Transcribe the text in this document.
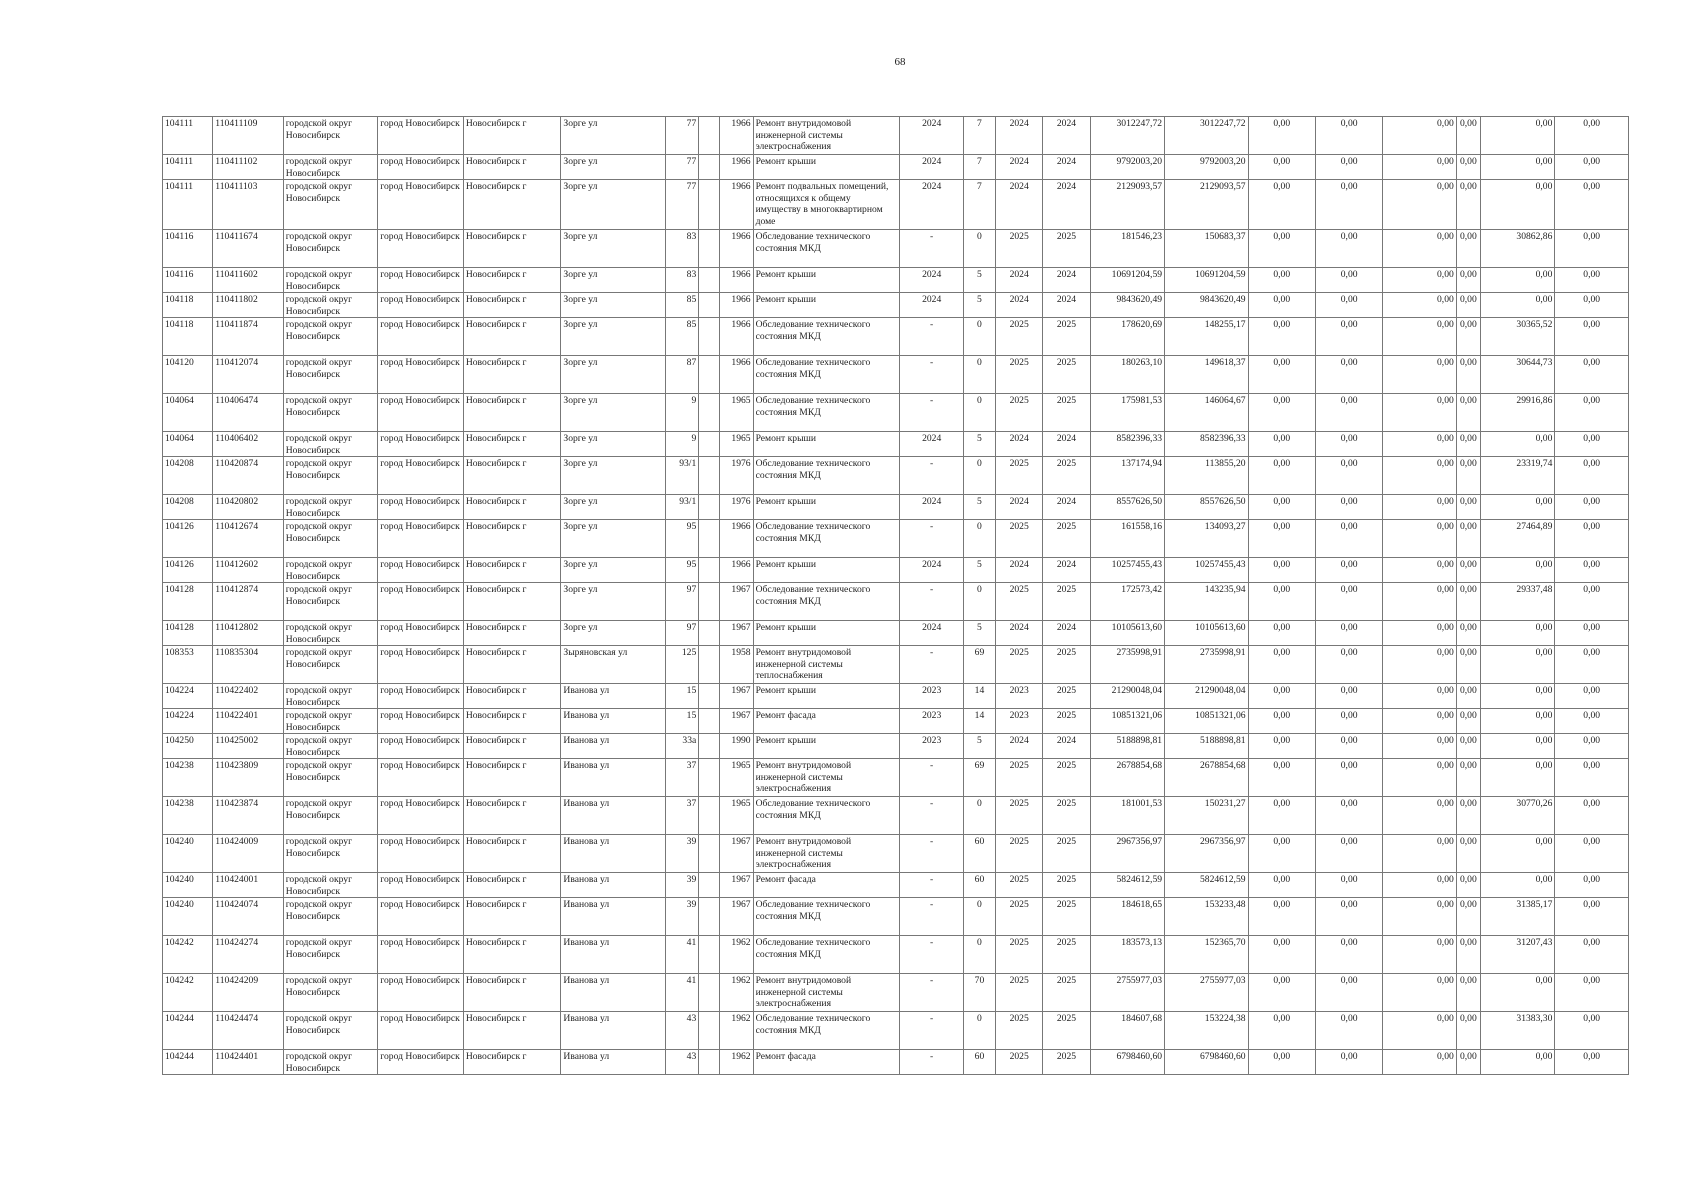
68
104111	110411109	городской округ Новосибирск	город Новосибирск	Новосибирск г	Зорге ул	77		1966	Ремонт внутридомовой инженерной системы электроснабжения	2024	7	2024	2024	3012247,72	3012247,72	0,00	0,00	0,00	0,00	0,00	0,00
104111	110411102	городской округ Новосибирск	город Новосибирск	Новосибирск г	Зорге ул	77		1966	Ремонт крыши	2024	7	2024	2024	9792003,20	9792003,20	0,00	0,00	0,00	0,00	0,00	0,00
104111	110411103	городской округ Новосибирск	город Новосибирск	Новосибирск г	Зорге ул	77		1966	Ремонт подвальных помещений, относящихся к общему имуществу в многоквартирном доме	2024	7	2024	2024	2129093,57	2129093,57	0,00	0,00	0,00	0,00	0,00	0,00
104116	110411674	городской округ Новосибирск	город Новосибирск	Новосибирск г	Зорге ул	83		1966	Обследование технического состояния МКД	-	0	2025	2025	181546,23	150683,37	0,00	0,00	0,00	0,00	30862,86	0,00
104116	110411602	городской округ Новосибирск	город Новосибирск	Новосибирск г	Зорге ул	83		1966	Ремонт крыши	2024	5	2024	2024	10691204,59	10691204,59	0,00	0,00	0,00	0,00	0,00	0,00
104118	110411802	городской округ Новосибирск	город Новосибирск	Новосибирск г	Зорге ул	85		1966	Ремонт крыши	2024	5	2024	2024	9843620,49	9843620,49	0,00	0,00	0,00	0,00	0,00	0,00
104118	110411874	городской округ Новосибирск	город Новосибирск	Новосибирск г	Зорге ул	85		1966	Обследование технического состояния МКД	-	0	2025	2025	178620,69	148255,17	0,00	0,00	0,00	0,00	30365,52	0,00
104120	110412074	городской округ Новосибирск	город Новосибирск	Новосибирск г	Зорге ул	87		1966	Обследование технического состояния МКД	-	0	2025	2025	180263,10	149618,37	0,00	0,00	0,00	0,00	30644,73	0,00
104064	110406474	городской округ Новосибирск	город Новосибирск	Новосибирск г	Зорге ул	9		1965	Обследование технического состояния МКД	-	0	2025	2025	175981,53	146064,67	0,00	0,00	0,00	0,00	29916,86	0,00
104064	110406402	городской округ Новосибирск	город Новосибирск	Новосибирск г	Зорге ул	9		1965	Ремонт крыши	2024	5	2024	2024	8582396,33	8582396,33	0,00	0,00	0,00	0,00	0,00	0,00
104208	110420874	городской округ Новосибирск	город Новосибирск	Новосибирск г	Зорге ул	93/1		1976	Обследование технического состояния МКД	-	0	2025	2025	137174,94	113855,20	0,00	0,00	0,00	0,00	23319,74	0,00
104208	110420802	городской округ Новосибирск	город Новосибирск	Новосибирск г	Зорге ул	93/1		1976	Ремонт крыши	2024	5	2024	2024	8557626,50	8557626,50	0,00	0,00	0,00	0,00	0,00	0,00
104126	110412674	городской округ Новосибирск	город Новосибирск	Новосибирск г	Зорге ул	95		1966	Обследование технического состояния МКД	-	0	2025	2025	161558,16	134093,27	0,00	0,00	0,00	0,00	27464,89	0,00
104126	110412602	городской округ Новосибирск	город Новосибирск	Новосибирск г	Зорге ул	95		1966	Ремонт крыши	2024	5	2024	2024	10257455,43	10257455,43	0,00	0,00	0,00	0,00	0,00	0,00
104128	110412874	городской округ Новосибирск	город Новосибирск	Новосибирск г	Зорге ул	97		1967	Обследование технического состояния МКД	-	0	2025	2025	172573,42	143235,94	0,00	0,00	0,00	0,00	29337,48	0,00
104128	110412802	городской округ Новосибирск	город Новосибирск	Новосибирск г	Зорге ул	97		1967	Ремонт крыши	2024	5	2024	2024	10105613,60	10105613,60	0,00	0,00	0,00	0,00	0,00	0,00
108353	110835304	городской округ Новосибирск	город Новосибирск	Новосибирск г	Зыряновская ул	125		1958	Ремонт внутридомовой инженерной системы теплоснабжения	-	69	2025	2025	2735998,91	2735998,91	0,00	0,00	0,00	0,00	0,00	0,00
104224	110422402	городской округ Новосибирск	город Новосибирск	Новосибирск г	Иванова ул	15		1967	Ремонт крыши	2023	14	2023	2025	21290048,04	21290048,04	0,00	0,00	0,00	0,00	0,00	0,00
104224	110422401	городской округ Новосибирск	город Новосибирск	Новосибирск г	Иванова ул	15		1967	Ремонт фасада	2023	14	2023	2025	10851321,06	10851321,06	0,00	0,00	0,00	0,00	0,00	0,00
104250	110425002	городской округ Новосибирск	город Новосибирск	Новосибирск г	Иванова ул	33а		1990	Ремонт крыши	2023	5	2024	2024	5188898,81	5188898,81	0,00	0,00	0,00	0,00	0,00	0,00
104238	110423809	городской округ Новосибирск	город Новосибирск	Новосибирск г	Иванова ул	37		1965	Ремонт внутридомовой инженерной системы электроснабжения	-	69	2025	2025	2678854,68	2678854,68	0,00	0,00	0,00	0,00	0,00	0,00
104238	110423874	городской округ Новосибирск	город Новосибирск	Новосибирск г	Иванова ул	37		1965	Обследование технического состояния МКД	-	0	2025	2025	181001,53	150231,27	0,00	0,00	0,00	0,00	30770,26	0,00
104240	110424009	городской округ Новосибирск	город Новосибирск	Новосибирск г	Иванова ул	39		1967	Ремонт внутридомовой инженерной системы электроснабжения	-	60	2025	2025	2967356,97	2967356,97	0,00	0,00	0,00	0,00	0,00	0,00
104240	110424001	городской округ Новосибирск	город Новосибирск	Новосибирск г	Иванова ул	39		1967	Ремонт фасада	-	60	2025	2025	5824612,59	5824612,59	0,00	0,00	0,00	0,00	0,00	0,00
104240	110424074	городской округ Новосибирск	город Новосибирск	Новосибирск г	Иванова ул	39		1967	Обследование технического состояния МКД	-	0	2025	2025	184618,65	153233,48	0,00	0,00	0,00	0,00	31385,17	0,00
104242	110424274	городской округ Новосибирск	город Новосибирск	Новосибирск г	Иванова ул	41		1962	Обследование технического состояния МКД	-	0	2025	2025	183573,13	152365,70	0,00	0,00	0,00	0,00	31207,43	0,00
104242	110424209	городской округ Новосибирск	город Новосибирск	Новосибирск г	Иванова ул	41		1962	Ремонт внутридомовой инженерной системы электроснабжения	-	70	2025	2025	2755977,03	2755977,03	0,00	0,00	0,00	0,00	0,00	0,00
104244	110424474	городской округ Новосибирск	город Новосибирск	Новосибирск г	Иванова ул	43		1962	Обследование технического состояния МКД	-	0	2025	2025	184607,68	153224,38	0,00	0,00	0,00	0,00	31383,30	0,00
104244	110424401	городской округ Новосибирск	город Новосибирск	Новосибирск г	Иванова ул	43		1962	Ремонт фасада	-	60	2025	2025	6798460,60	6798460,60	0,00	0,00	0,00	0,00	0,00	0,00
